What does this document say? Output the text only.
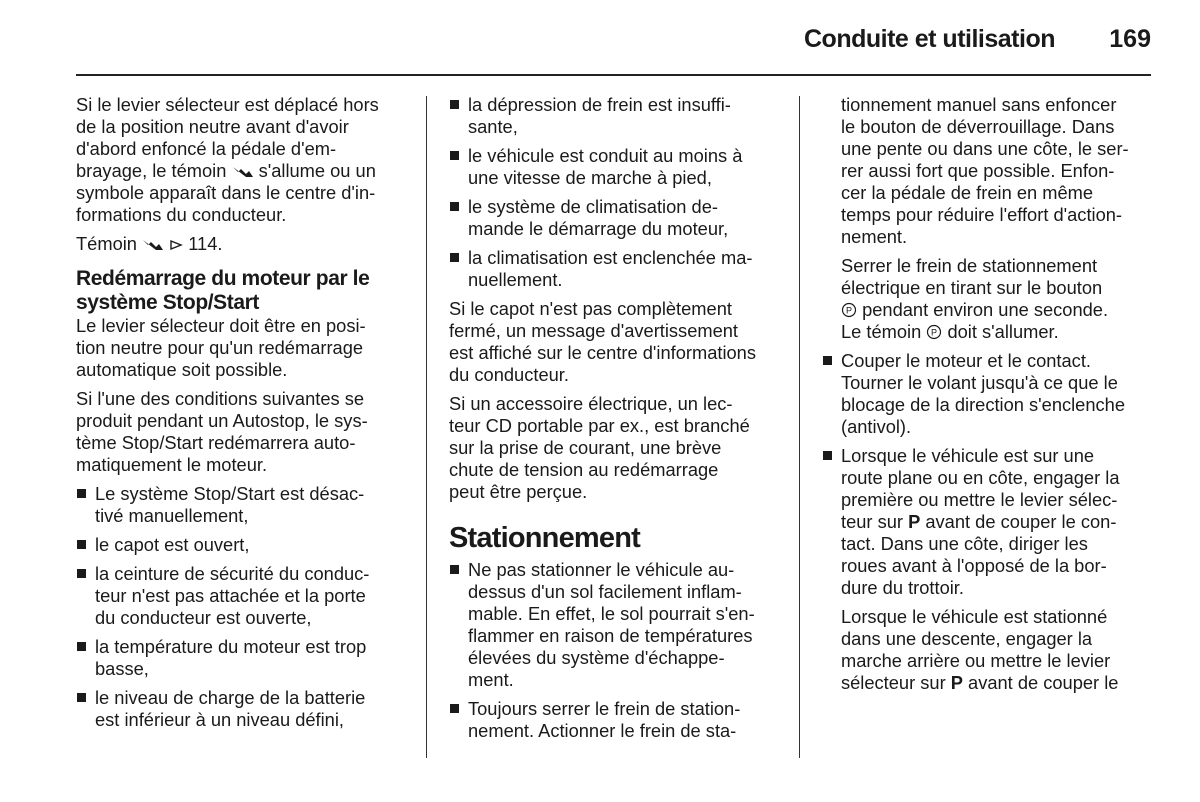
Conduite et utilisation 169

Si le levier sélecteur est déplacé hors
de la position neutre avant d'avoir
d'abord enfoncé la pédale d'em-
brayage, le témoin  s'allume ou un
symbole apparaît dans le centre d'in-
formations du conducteur.

Témoin	114.

Redémarrage du moteur par le
système Stop/Start

Le levier sélecteur doit être en posi-
tion neutre pour qu'un redémarrage
automatique soit possible.

Si l'une des conditions suivantes se
produit pendant un Autostop, le sys-
tème Stop/Start redémarrera auto-
matiquement le moteur.

Le système Stop/Start est désac-
tivé manuellement,
le capot est ouvert,
la ceinture de sécurité du conduc-
teur n'est pas attachée et la porte
du conducteur est ouverte,
la température du moteur est trop
basse,
le niveau de charge de la batterie
est inférieur à un niveau défini,
la dépression de frein est insuffi-
sante,
le véhicule est conduit au moins à
une vitesse de marche à pied,
le système de climatisation de-
mande le démarrage du moteur,
la climatisation est enclenchée ma-
nuellement.

Si le capot n'est pas complètement
fermé, un message d'avertissement
est affiché sur le centre d'informations
du conducteur.

Si un accessoire électrique, un lec-
teur CD portable par ex., est branché
sur la prise de courant, une brève
chute de tension au redémarrage
peut être perçue.

Stationnement
Ne pas stationner le véhicule au-
dessus d'un sol facilement inflam-
mable. En effet, le sol pourrait s'en-
flammer en raison de températures
élevées du système d'échappe-
ment.
Toujours serrer le frein de station-
nement. Actionner le frein de sta-

tionnement manuel sans enfoncer
le bouton de déverrouillage. Dans
une pente ou dans une côte, le ser-
rer aussi fort que possible. Enfon-
cer la pédale de frein en même
temps pour réduire l'effort d'action-
nement.

Serrer le frein de stationnement
électrique en tirant sur le bouton
P pendant environ une seconde.
Le témoin P doit s'allumer.

Couper le moteur et le contact.
Tourner le volant jusqu'à ce que le
blocage de la direction s'enclenche
(antivol).
Lorsque le véhicule est sur une
route plane ou en côte, engager la
première ou mettre le levier sélec-
teur sur P avant de couper le con-
tact. Dans une côte, diriger les
roues avant à l'opposé de la bor-
dure du trottoir.

Lorsque le véhicule est stationné
dans une descente, engager la
marche arrière ou mettre le levier
sélecteur sur P avant de couper le
